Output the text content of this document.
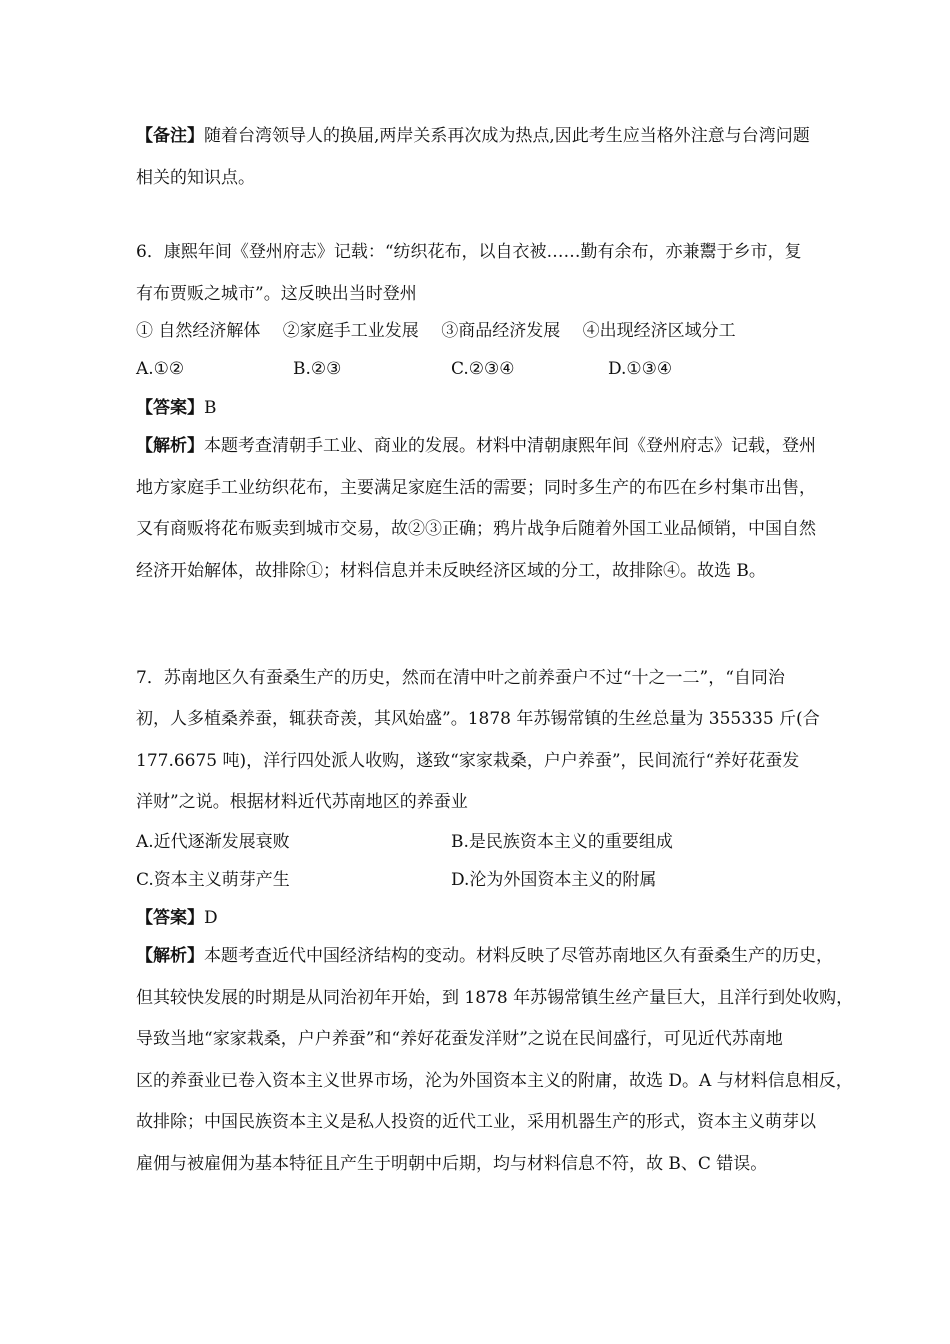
【备注】随着台湾领导人的换届,两岸关系再次成为热点,因此考生应当格外注意与台湾问题
相关的知识点。
6．康熙年间《登州府志》记载：“纺织花布，以自衣被……勤有余布，亦兼鬻于乡市，复
有布贾贩之城市”。这反映出当时登州
① 自然经济解体　 ②家庭手工业发展　 ③商品经济发展　 ④出现经济区域分工
A.①②	B.②③	C.②③④	D.①③④
【答案】B
【解析】本题考查清朝手工业、商业的发展。材料中清朝康熙年间《登州府志》记载，登州
地方家庭手工业纺织花布，主要满足家庭生活的需要；同时多生产的布匹在乡村集市出售，
又有商贩将花布贩卖到城市交易，故②③正确；鸦片战争后随着外国工业品倾销，中国自然
经济开始解体，故排除①；材料信息并未反映经济区域的分工，故排除④。故选 B。
7．苏南地区久有蚕桑生产的历史，然而在清中叶之前养蚕户不过“十之一二”，“自同治
初，人多植桑养蚕，辄获奇羡，其风始盛”。1878 年苏锡常镇的生丝总量为 355335 斤(合
177.6675 吨)，洋行四处派人收购，遂致“家家栽桑，户户养蚕”，民间流行“养好花蚕发
洋财”之说。根据材料近代苏南地区的养蚕业
A.近代逐渐发展衰败	B.是民族资本主义的重要组成
C.资本主义萌芽产生	D.沦为外国资本主义的附属
【答案】D
【解析】本题考查近代中国经济结构的变动。材料反映了尽管苏南地区久有蚕桑生产的历史，
但其较快发展的时期是从同治初年开始，到 1878 年苏锡常镇生丝产量巨大，且洋行到处收购，
导致当地“家家栽桑，户户养蚕”和“养好花蚕发洋财”之说在民间盛行，可见近代苏南地
区的养蚕业已卷入资本主义世界市场，沦为外国资本主义的附庸，故选 D。A 与材料信息相反，
故排除；中国民族资本主义是私人投资的近代工业，采用机器生产的形式，资本主义萌芽以
雇佣与被雇佣为基本特征且产生于明朝中后期，均与材料信息不符，故 B、C 错误。
